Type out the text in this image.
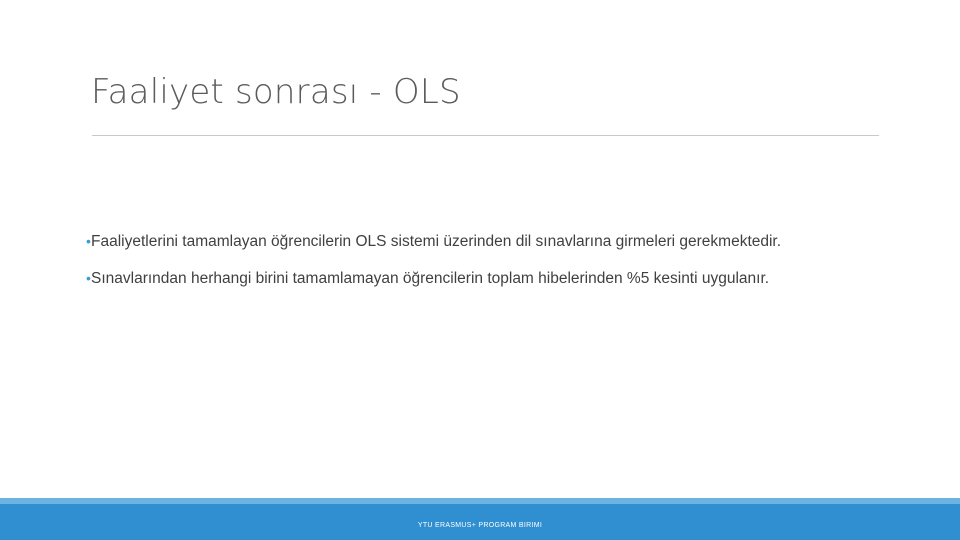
Faaliyet sonrası - OLS
•Faaliyetlerini tamamlayan öğrencilerin OLS sistemi üzerinden dil sınavlarına girmeleri gerekmektedir.
•Sınavlarından herhangi birini tamamlamayan öğrencilerin toplam hibelerinden %5 kesinti uygulanır.
YTU ERASMUS+ PROGRAM BIRIMI
